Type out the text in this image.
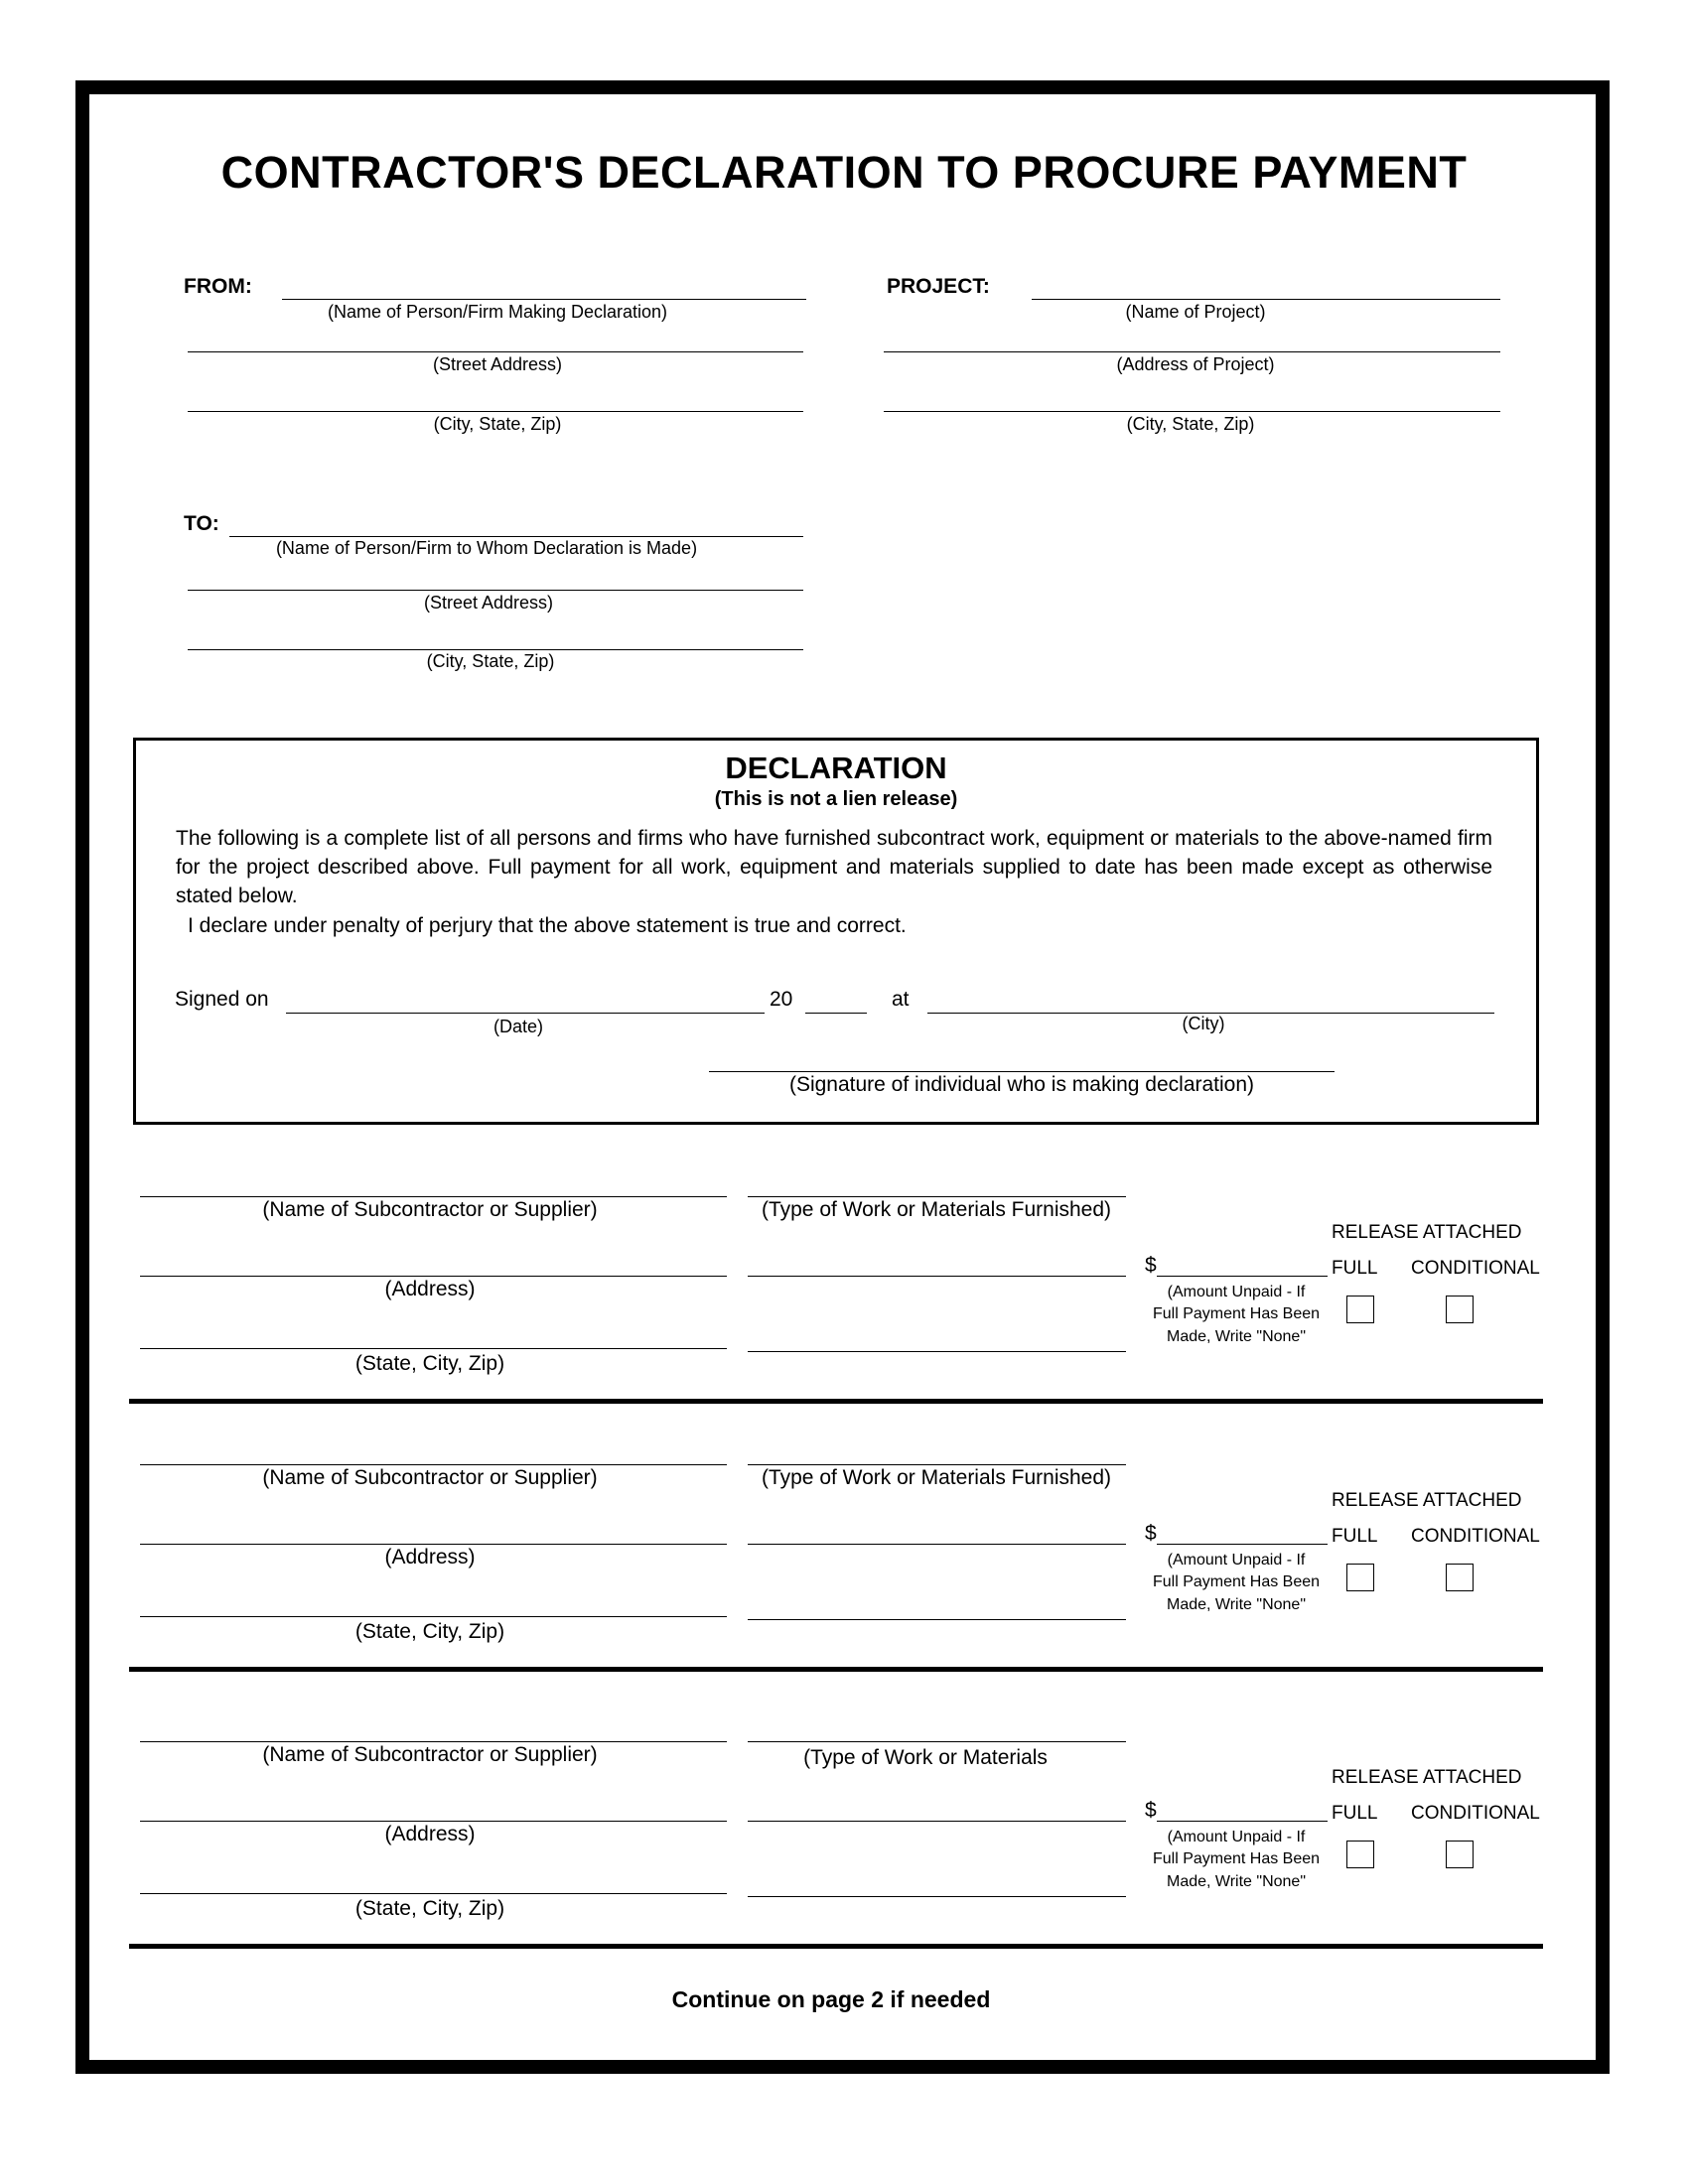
CONTRACTOR'S DECLARATION TO PROCURE PAYMENT
FROM:
(Name of Person/Firm Making Declaration)
(Street Address)
(City, State, Zip)
PROJECT:
(Name of Project)
(Address of Project)
(City, State, Zip)
TO:
(Name of Person/Firm to Whom Declaration is Made)
(Street Address)
(City, State, Zip)
DECLARATION
(This is not a lien release)
The following is a complete list of all persons and firms who have furnished subcontract work, equipment or materials to the above-named firm for the project described above. Full payment for all work, equipment and materials supplied to date has been made except as otherwise stated below.
I declare under penalty of perjury that the above statement is true and correct.
Signed on
(Date)
20	at
(City)
(Signature of individual who is making declaration)
(Name of Subcontractor or Supplier)	(Type of Work or Materials Furnished)
RELEASE ATTACHED
(Address)
$	FULL CONDITIONAL
(Amount Unpaid - If
Full Payment Has Been
Made, Write "None"
(State, City, Zip)
(Name of Subcontractor or Supplier)	(Type of Work or Materials Furnished)
RELEASE ATTACHED
(Address)
$	FULL CONDITIONAL
(Amount Unpaid - If
Full Payment Has Been
Made, Write "None"
(State, City, Zip)
(Name of Subcontractor or Supplier)	(Type of Work or Materials
RELEASE ATTACHED
(Address)
$	FULL CONDITIONAL
(Amount Unpaid - If
Full Payment Has Been
Made, Write "None"
(State, City, Zip)
Continue on page 2 if needed
